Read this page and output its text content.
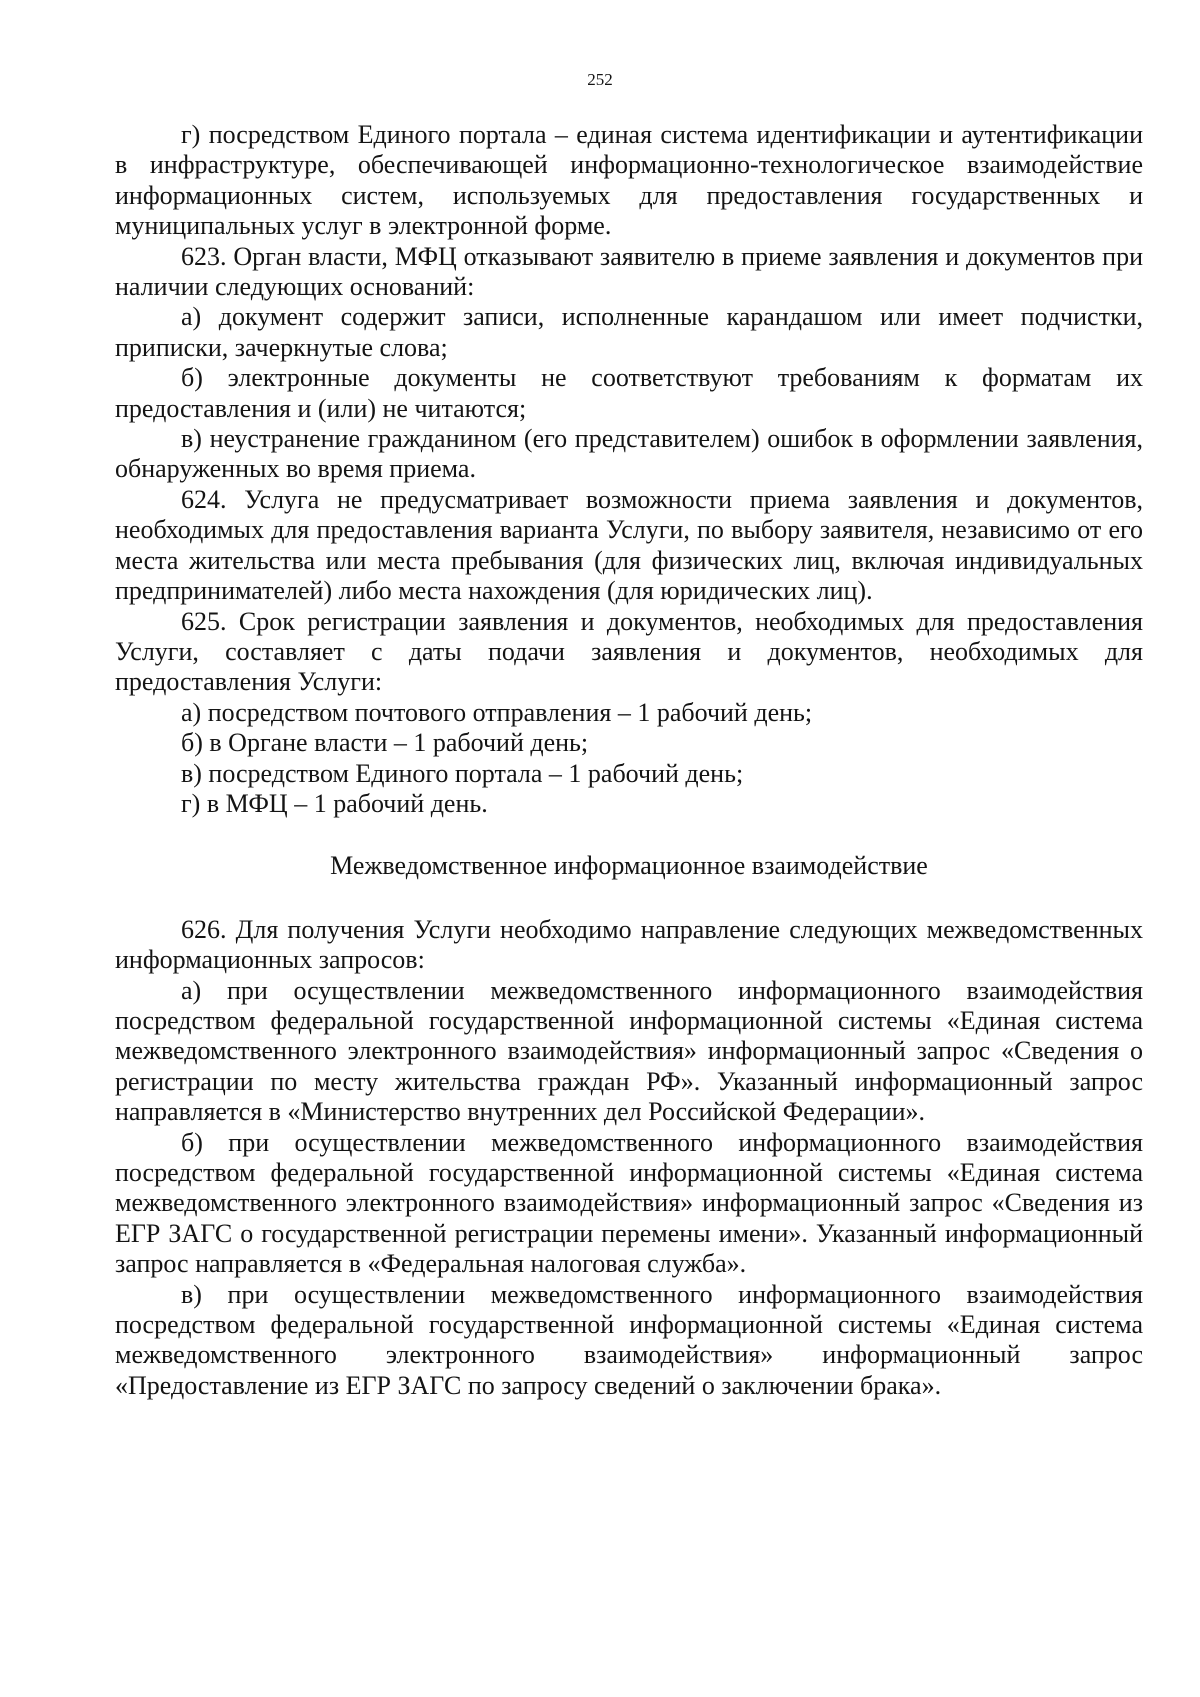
252

г) посредством Единого портала – единая система идентификации и аутентификации в инфраструктуре, обеспечивающей информационно-технологическое взаимодействие информационных систем, используемых для предоставления государственных и муниципальных услуг в электронной форме.

623. Орган власти, МФЦ отказывают заявителю в приеме заявления и документов при наличии следующих оснований:

а) документ содержит записи, исполненные карандашом или имеет подчистки, приписки, зачеркнутые слова;

б) электронные документы не соответствуют требованиям к форматам их предоставления и (или) не читаются;

в) неустранение гражданином (его представителем) ошибок в оформлении заявления, обнаруженных во время приема.

624. Услуга не предусматривает возможности приема заявления и документов, необходимых для предоставления варианта Услуги, по выбору заявителя, независимо от его места жительства или места пребывания (для физических лиц, включая индивидуальных предпринимателей) либо места нахождения (для юридических лиц).

625. Срок регистрации заявления и документов, необходимых для предоставления Услуги, составляет с даты подачи заявления и документов, необходимых для предоставления Услуги:

а) посредством почтового отправления – 1 рабочий день;

б) в Органе власти – 1 рабочий день;

в) посредством Единого портала – 1 рабочий день;

г) в МФЦ – 1 рабочий день.

Межведомственное информационное взаимодействие

626. Для получения Услуги необходимо направление следующих межведомственных информационных запросов:

а) при осуществлении межведомственного информационного взаимодействия посредством федеральной государственной информационной системы «Единая система межведомственного электронного взаимодействия» информационный запрос «Сведения о регистрации по месту жительства граждан РФ». Указанный информационный запрос направляется в «Министерство внутренних дел Российской Федерации».

б) при осуществлении межведомственного информационного взаимодействия посредством федеральной государственной информационной системы «Единая система межведомственного электронного взаимодействия» информационный запрос «Сведения из ЕГР ЗАГС о государственной регистрации перемены имени». Указанный информационный запрос направляется в «Федеральная налоговая служба».

в) при осуществлении межведомственного информационного взаимодействия посредством федеральной государственной информационной системы «Единая система межведомственного электронного взаимодействия» информационный запрос «Предоставление из ЕГР ЗАГС по запросу сведений о заключении брака».
